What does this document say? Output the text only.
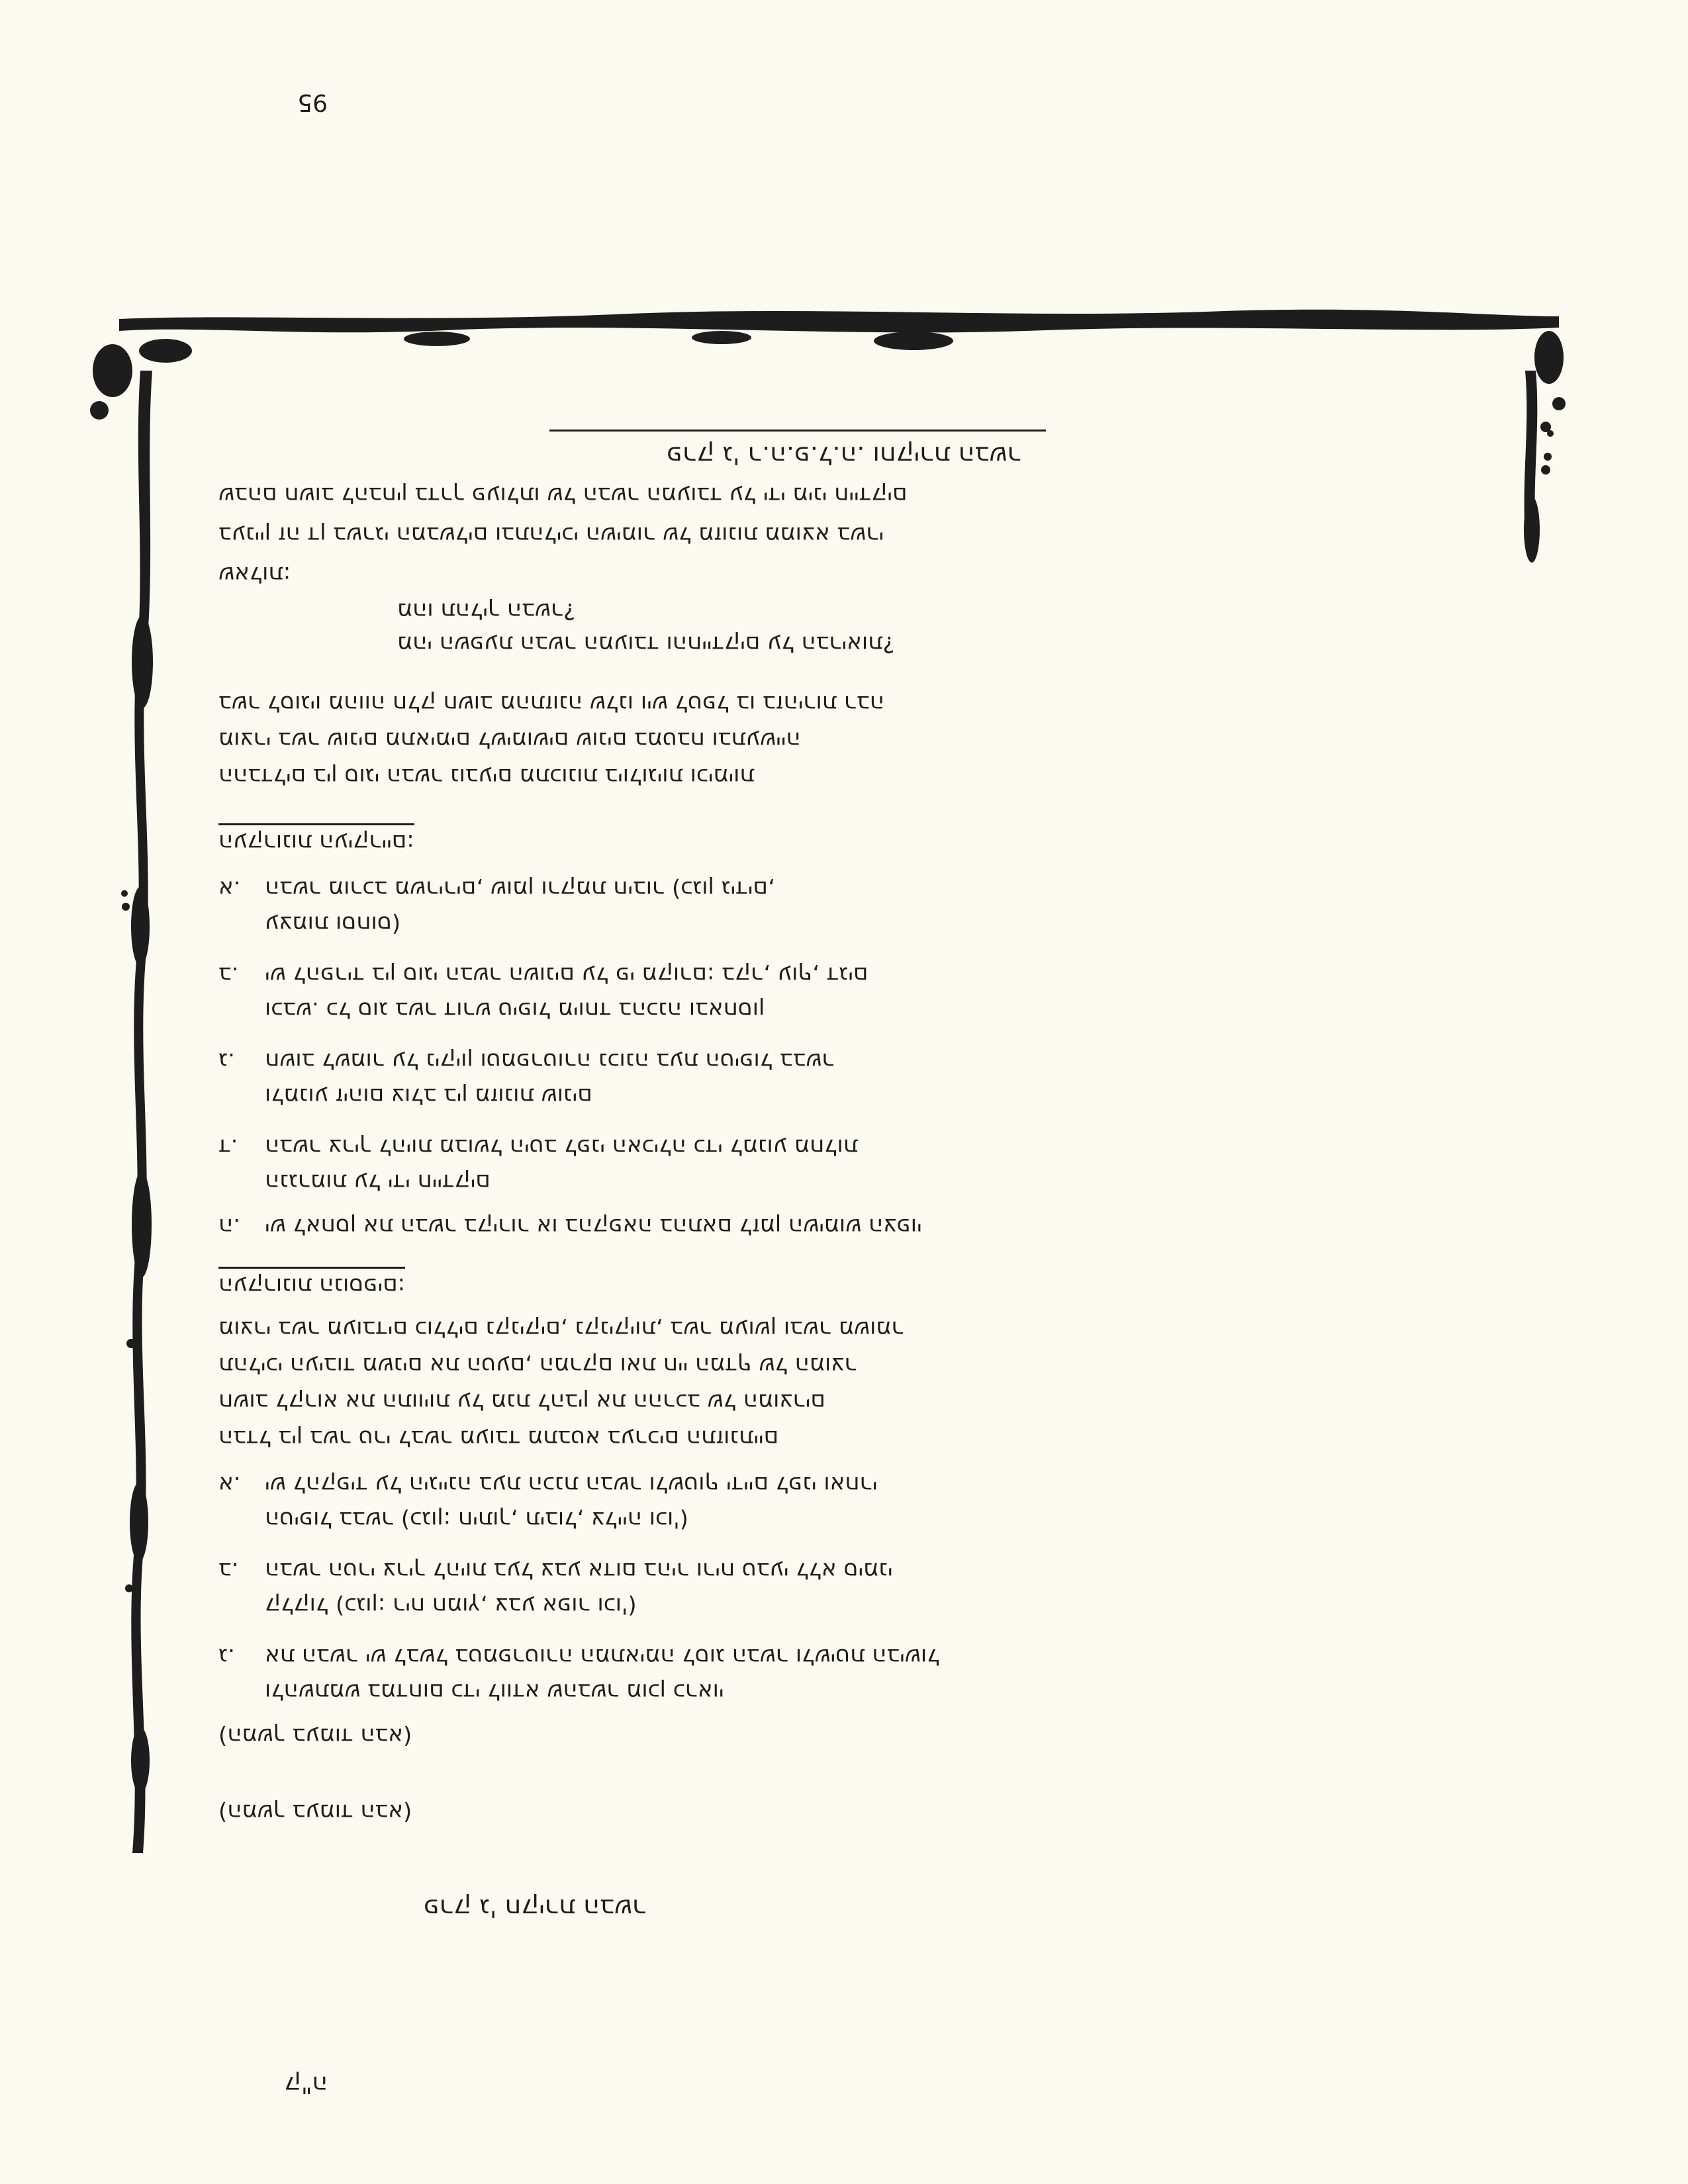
95
פרק ג' ר.ה.פ.ל.ה. וחקירת הבשר
שבהם חשוב להבחין בדרך פעולתו של הבשר המעובד על ידי מיני חיידקים
בעניין זה דן בשרגי המבשלים ובתהליכי השימור של מזונות ממוצא בשרי
שאלות:
מהו תהליך הבשר?
מהי השפעת הבשר המעובד והחיידקים על הבריאות?
בשר לסוגיו מהווה חלק חשוב מהתזונה שלנו ויש לטפל בו בזהירות רבה
מוצרי בשר שונים מתאימים לשימושים שונים במטבח ובתעשייה
ההבדלים בין סוגי הבשר נובעים מתכונות ביולוגיות וכימיות
העקרונות העיקריים:
א. הבשר מורכב משרירים, שומן ורקמת חיבור (כגון גידים,
עצמות וסחוס)
ב. יש להפריד בין סוגי הבשר השונים על פי מקורם: בקר, עוף, דגים
וכבש. כל סוג בשר דורש טיפול מיוחד בהכנה ובאחסון
ג. חשוב לשמור על ניקיון וטמפרטורה נכונה בעת הטיפול בבשר
ולמנוע זיהום צולב בין מזונות שונים
ד. הבשר צריך להיות מבושל היטב לפני האכילה כדי למנוע מחלות
הנגרמות על ידי חיידקים
ה. יש לאחסן את הבשר בקירור או בהקפאה בהתאם לזמן השימוש הצפוי
העקרונות הנוספים:
מוצרי בשר מעובדים כוללים נקניקים, נקניקיות, בשר מעושן ובשר משומר
תהליכי העיבוד משנים את הטעם, המרקם ואת חיי המדף של המוצר
חשוב לקרוא את התוויות על מנת להבין את ההרכב של המוצרים
הבדל בין בשר טרי לבשר מעובד מתבטא בערכים התזונתיים
א. יש להקפיד על היגיינה בעת הכנת הבשר ולשטוף ידיים לפני ואחרי
הטיפול בבשר (כגון: חיתוך, תיבול, צלייה וכו')
ב. הבשר הטרי צריך להיות בעל צבע אדום בהיר וריח טבעי ללא סימני
קלקול (כגון: ריח חמוץ, צבע אפור וכו')
ג. את הבשר יש לבשל בטמפרטורה המתאימה לסוג הבשר ולשיטת הבישול
ולהשתמש במדחום כדי לוודא שהבשר מוכן כראוי
(המשך בעמוד הבא)
(המשך בעמוד הבא)
פרק ג' חקירת הבשר
ק"ה
